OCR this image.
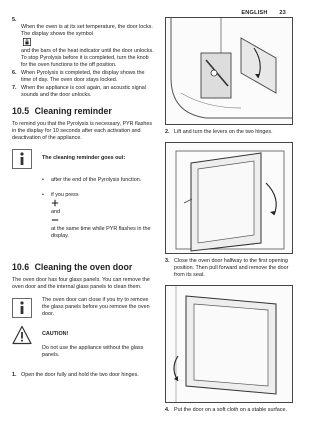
ENGLISH 23
5.

When the oven is at its set temperature, the door locks. The display shows the symbol

and the bars of the heat indicator until the door unlocks. To stop Pyrolysis before it is completed, turn the knob for the oven functions to the off position.

6. When Pyrolysis is completed, the display shows the time of day. The oven door stays locked.
7. When the appliance is cool again, an acoustic signal sounds and the door unlocks.
10.5 Cleaning reminder

To remind you that the Pyrolysis is necessary, PYR flashes in the display for 10 seconds after each activation and deactivation of the appliance.

The cleaning reminder goes out:

•	after the end of the Pyrolysis function.

•	if you press

and

at the same time while PYR flashes in the display.

10.6 Cleaning the oven door

The oven door has four glass panels. You can remove the oven door and the internal glass panels to clean them.

The oven door can close if you try to remove the glass panels before you remove the oven door.

CAUTION!

Do not use the appliance without the glass panels.

1. Open the door fully and hold the two door hinges.
2. Lift and turn the levers on the two hinges.
3. Close the oven door halfway to the first opening position. Then pull forward and remove the door from its seat.
4. Put the door on a soft cloth on a stable surface.
